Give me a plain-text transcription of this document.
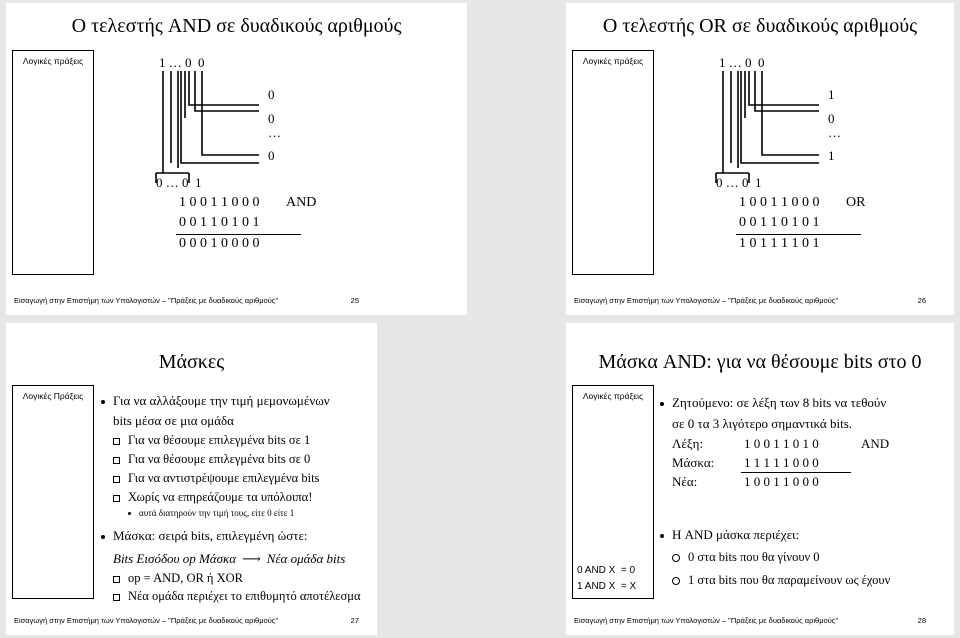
Ο τελεστής AND σε δυαδικούς αριθμούς
Λογικές πράξεις	1 … 0  0
0
0
…
0
0 … 0  1
1 0 0 1 1 0 0 0 AND
0 0 1 1 0 1 0 1
0 0 0 1 0 0 0 0
Εισαγωγή στην Επιστήμη των Υπολογιστών – "Πράξεις με δυαδικούς αριθμούς"	25
Ο τελεστής OR σε δυαδικούς αριθμούς
Λογικές πράξεις	1 … 0  0
1
0
…
1
0 … 0  1
1 0 0 1 1 0 0 0 OR
0 0 1 1 0 1 0 1
1 0 1 1 1 1 0 1
Εισαγωγή στην Επιστήμη των Υπολογιστών – "Πράξεις με δυαδικούς αριθμούς"	26
Μάσκες
Λογικές Πράξεις	Για να αλλάξουμε την τιμή μεμονωμένων
bits μέσα σε μια ομάδα
Για να θέσουμε επιλεγμένα bits σε 1
Για να θέσουμε επιλεγμένα bits σε 0
Για να αντιστρέψουμε επιλεγμένα bits
Χωρίς να επηρεάζουμε τα υπόλοιπα!
αυτά διατηρούν την τιμή τους, είτε 0 είτε 1
Μάσκα: σειρά bits, επιλεγμένη ώστε:
Bits Εισόδου op Μάσκα ⟶ Νέα ομάδα bits
op = AND, OR ή XOR
Νέα ομάδα περιέχει το επιθυμητό αποτέλεσμα
Εισαγωγή στην Επιστήμη των Υπολογιστών – "Πράξεις με δυαδικούς αριθμούς"	27
Μάσκα AND: για να θέσουμε bits στο 0
Λογικές πράξεις
0 AND X  = 0
1 AND X  = X
Ζητούμενο: σε λέξη των 8 bits να τεθούν
σε 0 τα 3 λιγότερο σημαντικά bits.
Λέξη:	1 0 0 1 1 0 1 0	AND
Μάσκα: 1 1 1 1 1 0 0 0
Νέα:	1 0 0 1 1 0 0 0
Η AND μάσκα περιέχει:
0 στα bits που θα γίνουν 0
1 στα bits που θα παραμείνουν ως έχουν
Εισαγωγή στην Επιστήμη των Υπολογιστών – "Πράξεις με δυαδικούς αριθμούς"	28
